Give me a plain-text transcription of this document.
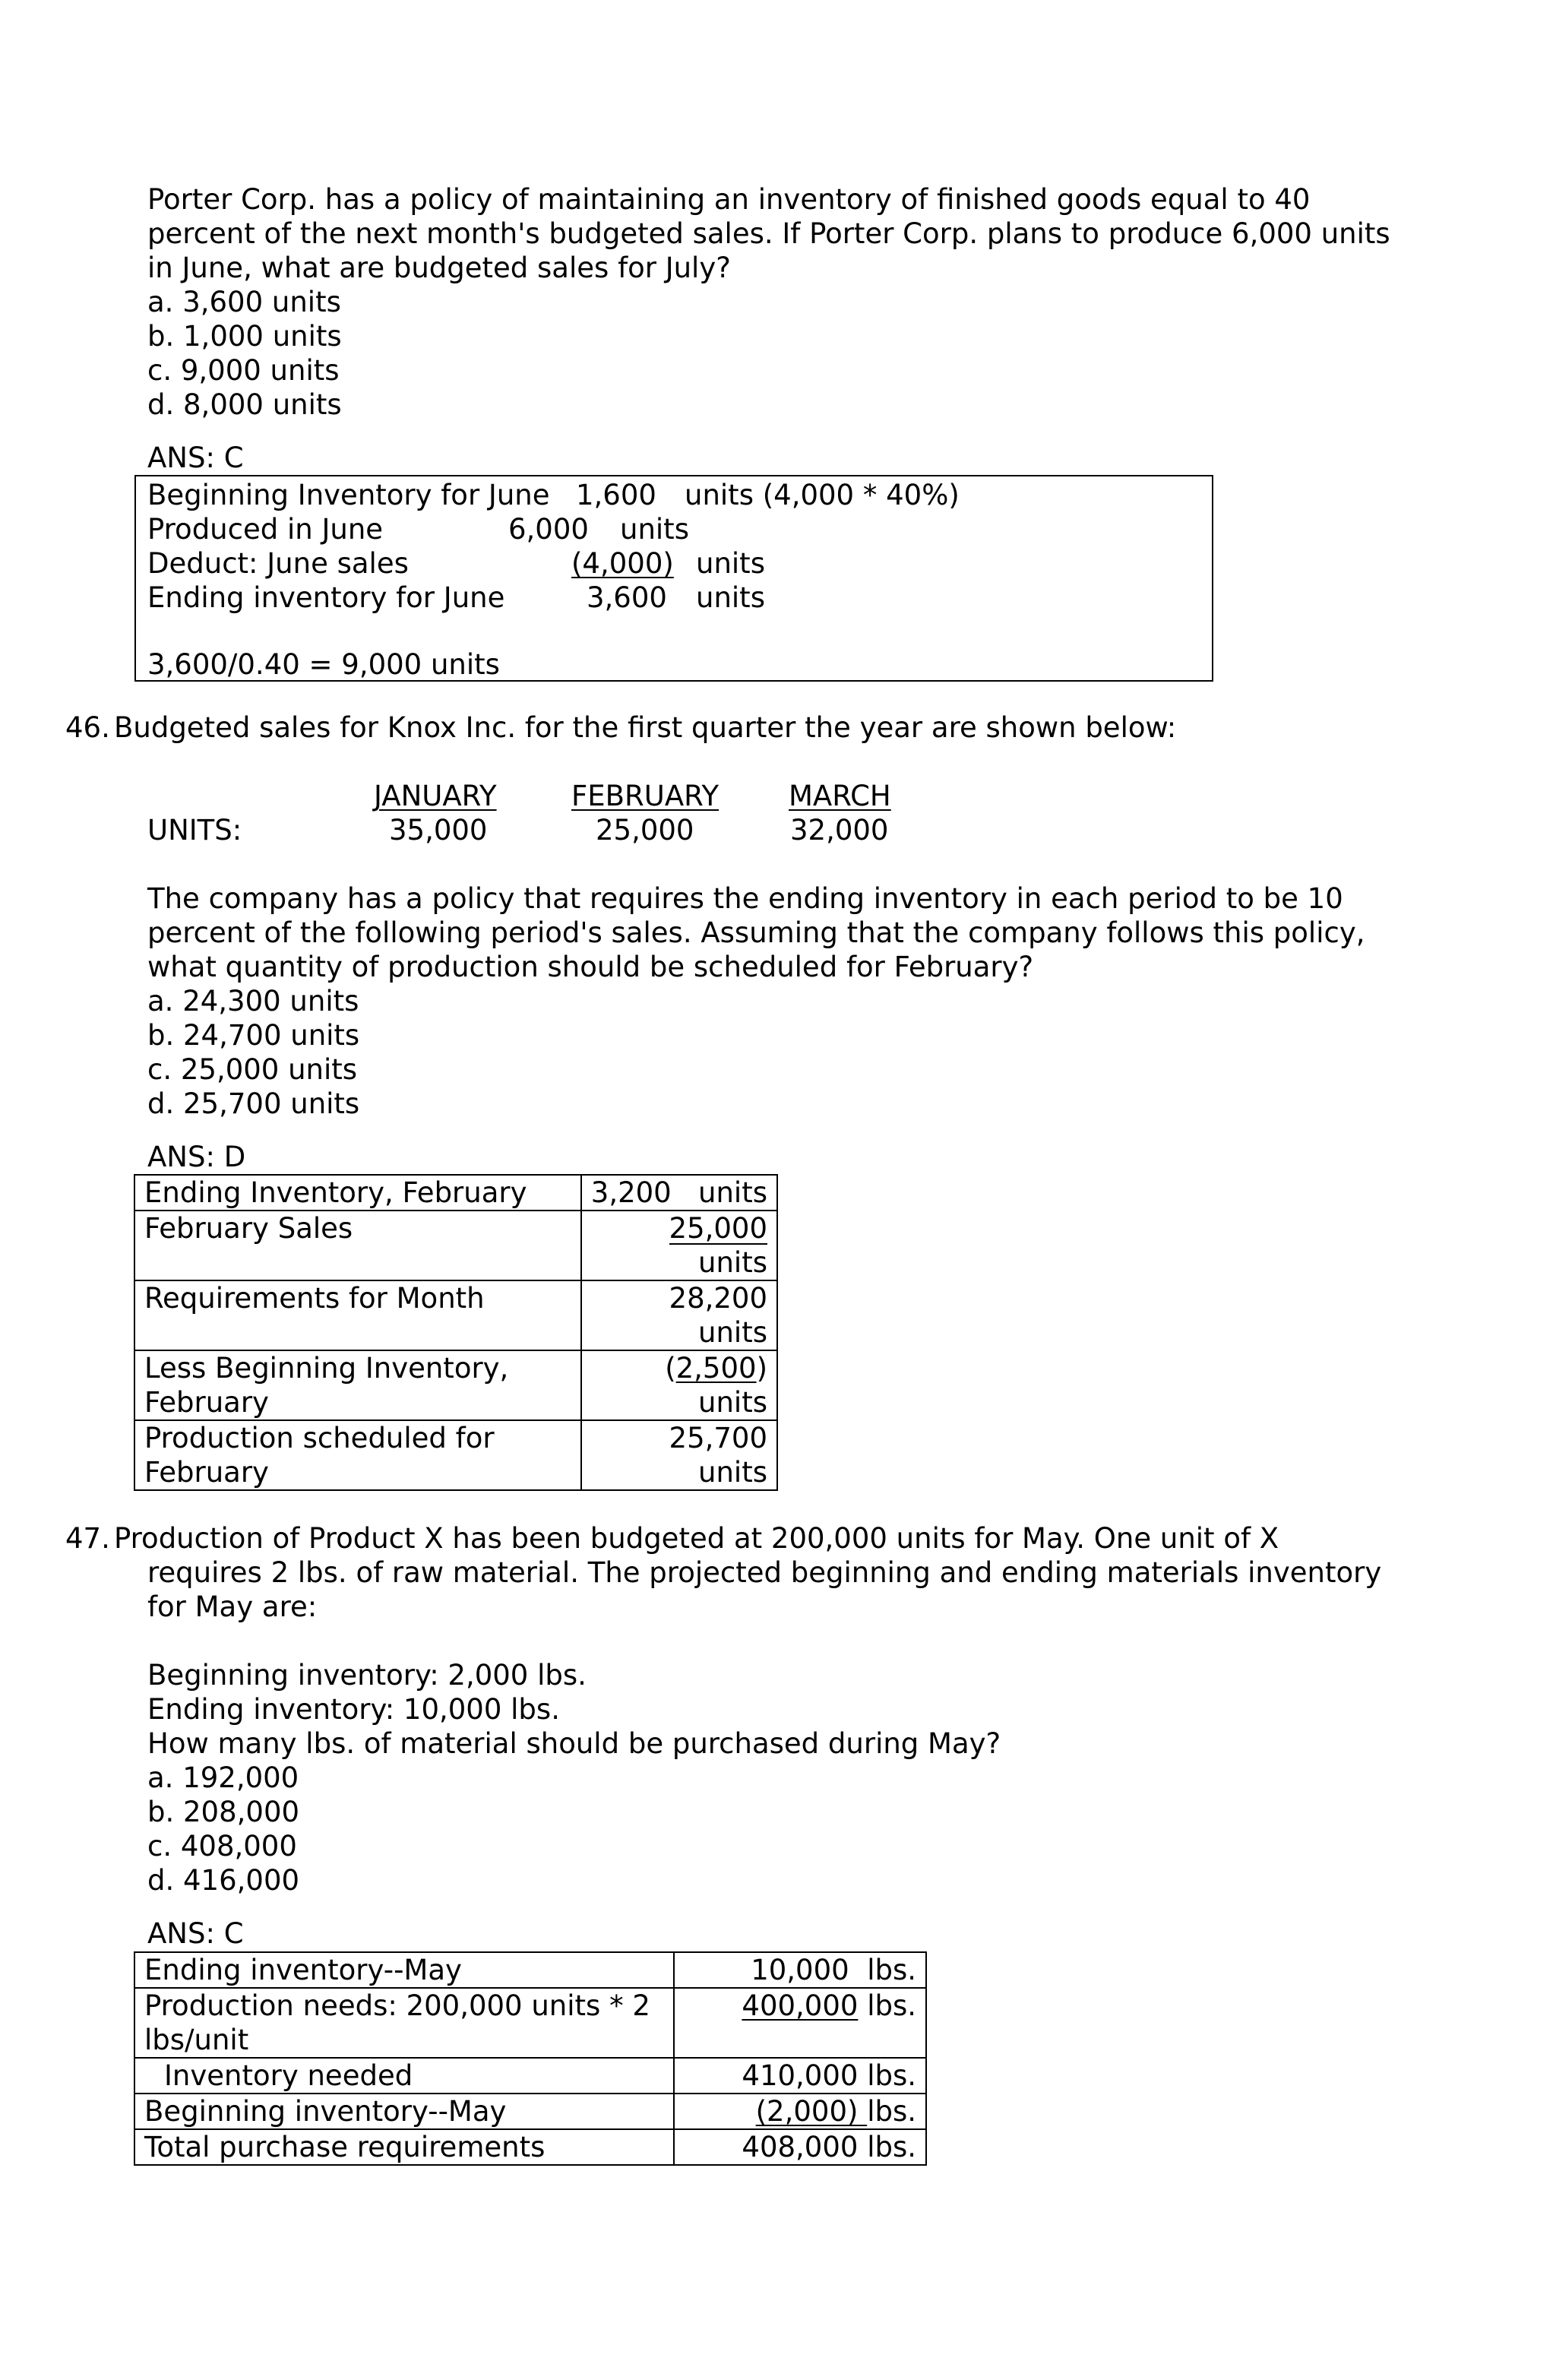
Porter Corp. has a policy of maintaining an inventory of finished goods equal to 40
percent of the next month's budgeted sales. If Porter Corp. plans to produce 6,000 units
in June, what are budgeted sales for July?
a. 3,600 units
b. 1,000 units
c. 9,000 units
d. 8,000 units
ANS: C
Beginning Inventory for June 1,600 units (4,000 * 40%)
Produced in June	6,000 units
Deduct: June sales	(4,000) units
Ending inventory for June	3,600 units
3,600/0.40 = 9,000 units
46. Budgeted sales for Knox Inc. for the first quarter the year are shown below:
JANUARY	FEBRUARY MARCH
UNITS:	35,000	25,000	32,000
The company has a policy that requires the ending inventory in each period to be 10
percent of the following period's sales. Assuming that the company follows this policy,
what quantity of production should be scheduled for February?
a. 24,300 units
b. 24,700 units
c. 25,000 units
d. 25,700 units
ANS: D
Ending Inventory, February	3,200 units
February Sales	25,000
units
Requirements for Month	28,200
units
Less Beginning Inventory,
February	(2,500)
units
Production scheduled for
February	25,700
units
47. Production of Product X has been budgeted at 200,000 units for May. One unit of X
requires 2 lbs. of raw material. The projected beginning and ending materials inventory
for May are:
Beginning inventory: 2,000 lbs.
Ending inventory: 10,000 lbs.
How many lbs. of material should be purchased during May?
a. 192,000
b. 208,000
c. 408,000
d. 416,000
ANS: C
Ending inventory--May	10,000 lbs.
Production needs: 200,000 units * 2
lbs/unit	400,000 lbs.
Inventory needed	410,000 lbs.
Beginning inventory--May	(2,000) lbs.
Total purchase requirements	408,000 lbs.
